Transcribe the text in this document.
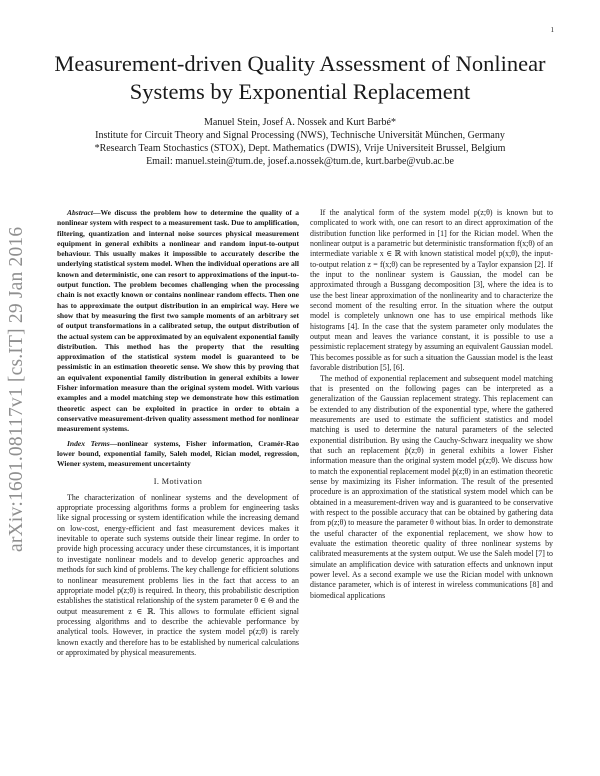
1
arXiv:1601.08117v1 [cs.IT] 29 Jan 2016
Measurement-driven Quality Assessment of Nonlinear Systems by Exponential Replacement
Manuel Stein, Josef A. Nossek and Kurt Barbé*
Institute for Circuit Theory and Signal Processing (NWS), Technische Universität München, Germany
*Research Team Stochastics (STOX), Dept. Mathematics (DWIS), Vrije Universiteit Brussel, Belgium
Email: manuel.stein@tum.de, josef.a.nossek@tum.de, kurt.barbe@vub.ac.be

Abstract—We discuss the problem how to determine the quality of a nonlinear system with respect to a measurement task. Due to amplification, filtering, quantization and internal noise sources physical measurement equipment in general exhibits a nonlinear and random input-to-output behaviour. This usually makes it impossible to accurately describe the underlying statistical system model. When the individual operations are all known and deterministic, one can resort to approximations of the input-to-output function. The problem becomes challenging when the processing chain is not exactly known or contains nonlinear random effects. Then one has to approximate the output distribution in an empirical way. Here we show that by measuring the first two sample moments of an arbitrary set of output transformations in a calibrated setup, the output distribution of the actual system can be approximated by an equivalent exponential family distribution. This method has the property that the resulting approximation of the statistical system model is guaranteed to be pessimistic in an estimation theoretic sense. We show this by proving that an equivalent exponential family distribution in general exhibits a lower Fisher information measure than the original system model. With various examples and a model matching step we demonstrate how this estimation theoretic aspect can be exploited in practice in order to obtain a conservative measurement-driven quality assessment method for nonlinear measurement systems.

Index Terms—nonlinear systems, Fisher information, Cramér-Rao lower bound, exponential family, Saleh model, Rician model, regression, Wiener system, measurement uncertainty

I. Motivation

The characterization of nonlinear systems and the development of appropriate processing algorithms forms a problem for engineering tasks like signal processing or system identification while the increasing demand on low-cost, energy-efficient and fast measurement devices makes it inevitable to operate such systems outside their linear regime. In order to provide high processing accuracy under these circumstances, it is important to investigate nonlinear models and to develop generic approaches and methods for such kind of problems. The key challenge for efficient solutions to nonlinear measurement problems lies in the fact that access to an appropriate model p(z;θ) is required. In theory, this probabilistic description establishes the statistical relationship of the system parameter θ ∈ Θ and the output measurement z ∈ ℝ. This allows to formulate efficient signal processing algorithms and to describe the achievable performance by analytical tools. However, in practice the system model p(z;θ) is rarely known exactly and therefore has to be established by numerical calculations or approximated by physical measurements.

If the analytical form of the system model p(z;θ) is known but to complicated to work with, one can resort to an direct approximation of the distribution function like performed in [1] for the Rician model. When the nonlinear output is a parametric but deterministic transformation f(x;θ) of an intermediate variable x ∈ ℝ with known statistical model p(x;θ), the input-to-output relation z = f(x;θ) can be represented by a Taylor expansion [2]. If the input to the nonlinear system is Gaussian, the model can be approximated through a Bussgang decomposition [3], where the idea is to use the best linear approximation of the nonlinearity and to characterize the second moment of the resulting error. In the situation where the output model is completely unknown one has to use empirical methods like histograms [4]. In the case that the system parameter only modulates the output mean and leaves the variance constant, it is possible to use a pessimistic replacement strategy by assuming an equivalent Gaussian model. This becomes possible as for such a situation the Gaussian model is the least favorable distribution [5], [6].

The method of exponential replacement and subsequent model matching that is presented on the following pages can be interpreted as a generalization of the Gaussian replacement strategy. This replacement can be extended to any distribution of the exponential type, where the gathered measurements are used to estimate the sufficient statistics and model matching is used to determine the natural parameters of the selected exponential distribution. By using the Cauchy-Schwarz inequality we show that such an replacement p̃(z;θ) in general exhibits a lower Fisher information measure than the original system model p(z;θ). We discuss how to match the exponential replacement model p̃(z;θ) in an estimation theoretic sense by maximizing its Fisher information. The result of the presented procedure is an approximation of the statistical system model which can be obtained in a measurement-driven way and is guaranteed to be conservative with respect to the possible accuracy that can be obtained by gathering data from p(z;θ) to measure the parameter θ without bias. In order to demonstrate the useful character of the exponential replacement, we show how to evaluate the estimation theoretic quality of three nonlinear systems by calibrated measurements at the system output. We use the Saleh model [7] to simulate an amplification device with saturation effects and unknown input power level. As a second example we use the Rician model with unknown distance parameter, which is of interest in wireless communications [8] and biomedical applications
